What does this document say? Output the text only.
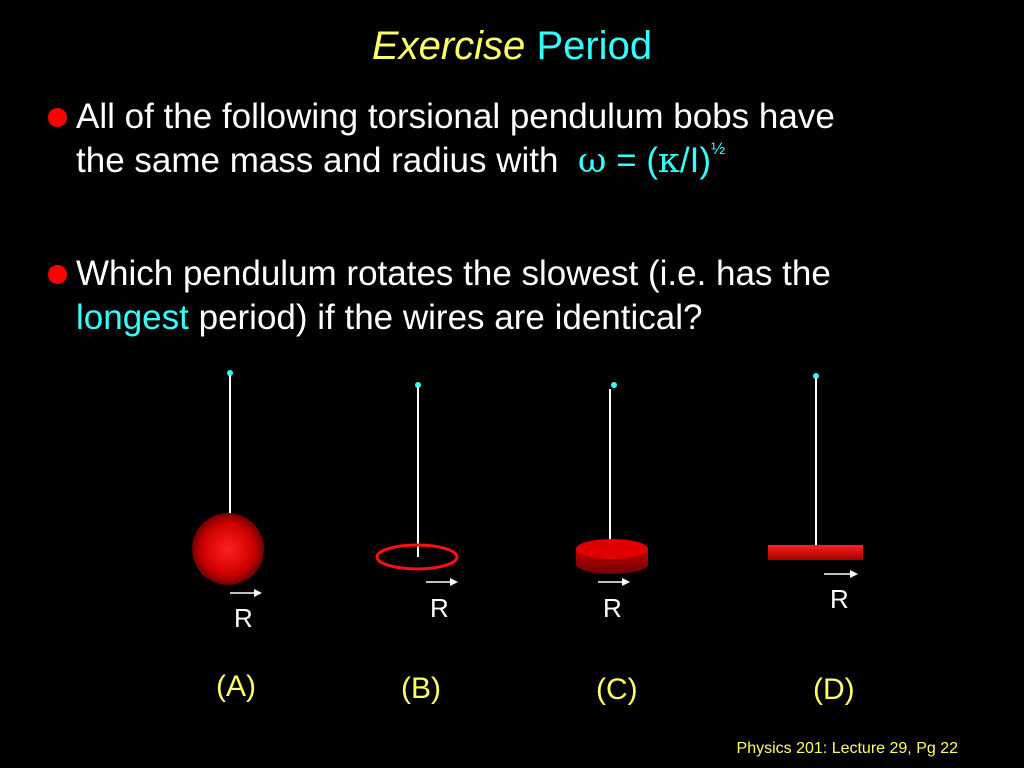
Exercise Period
All of the following torsional pendulum bobs have
the same mass and radius with $\omega = (\kappa/I)^{\frac{1}{2}}$
Which pendulum rotates the slowest (i.e. has the
longest period) if the wires are identical?
R	R	R	R
(A)	(B)	(C)	(D)
Physics 201: Lecture 29, Pg 22
